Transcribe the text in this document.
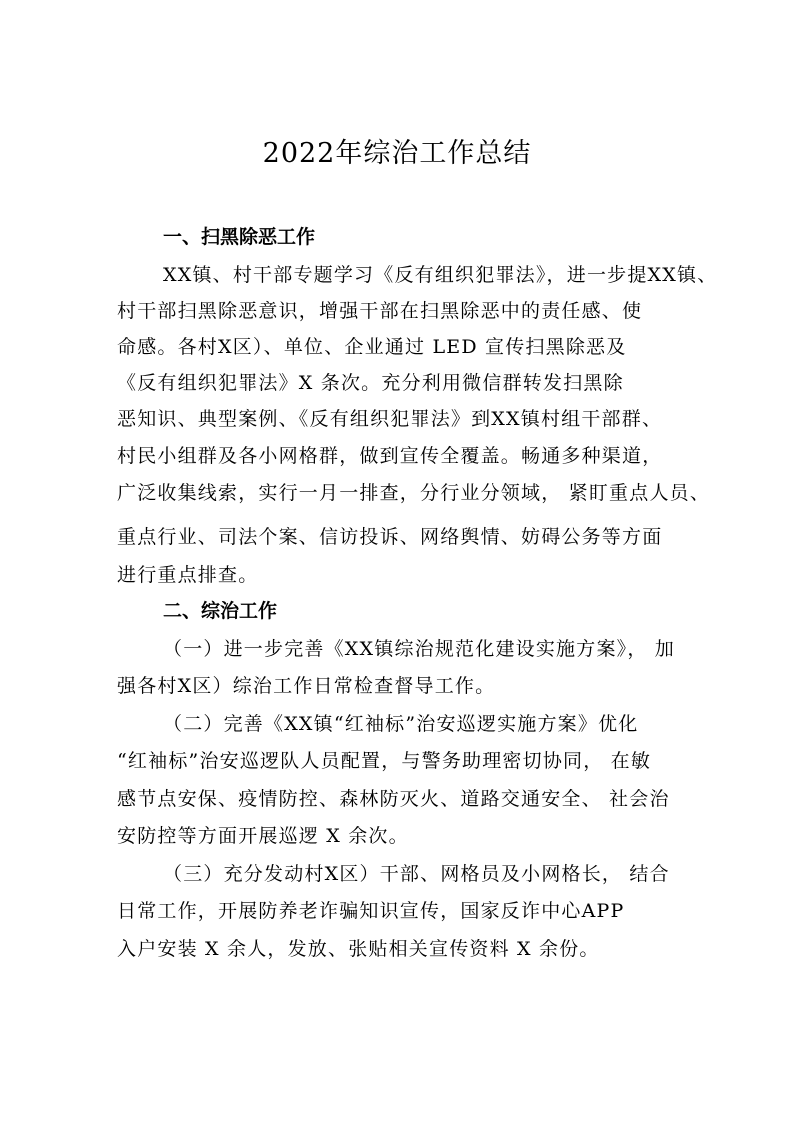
2022年综治工作总结
一、扫黑除恶工作
XX镇、村干部专题学习《反有组织犯罪法》，进一步提XX镇、
村干部扫黑除恶意识，增强干部在扫黑除恶中的责任感、使
命感。各村X区）、单位、企业通过 LED 宣传扫黑除恶及
《反有组织犯罪法》X 条次。充分利用微信群转发扫黑除
恶知识、典型案例、《反有组织犯罪法》到XX镇村组干部群、
村民小组群及各小网格群，做到宣传全覆盖。畅通多种渠道，
广泛收集线索，实行一月一排查，分行业分领域， 紧盯重点人员、
重点行业、司法个案、信访投诉、网络舆情、妨碍公务等方面
进行重点排查。
二、综治工作
（一）进一步完善《XX镇综治规范化建设实施方案》， 加
强各村X区）综治工作日常检查督导工作。
（二）完善《XX镇“红袖标”治安巡逻实施方案》优化
“红袖标”治安巡逻队人员配置，与警务助理密切协同， 在敏
感节点安保、疫情防控、森林防灭火、道路交通安全、 社会治
安防控等方面开展巡逻 X 余次。
（三）充分发动村X区）干部、网格员及小网格长， 结合
日常工作，开展防养老诈骗知识宣传，国家反诈中心APP
入户安装 X 余人，发放、张贴相关宣传资料 X 余份。
